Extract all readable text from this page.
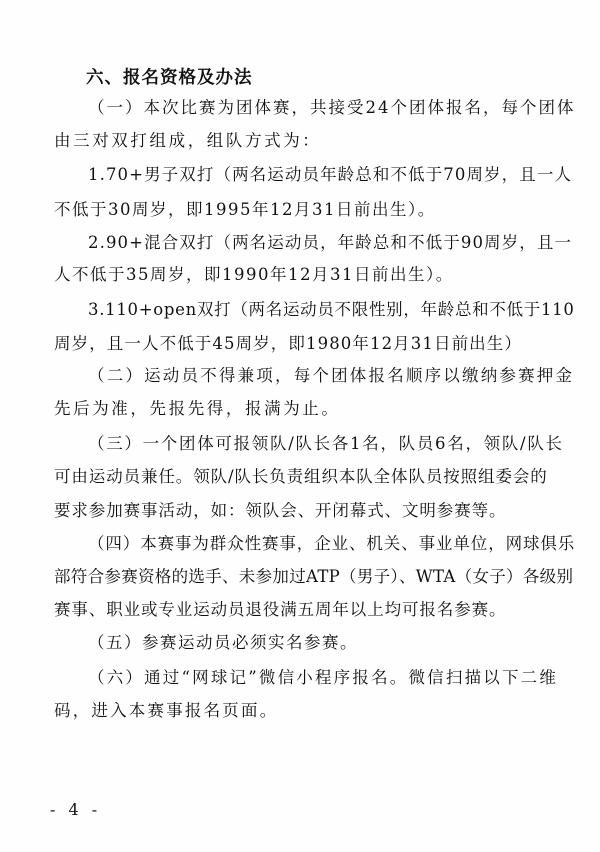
六、报名资格及办法
（一）本次比赛为团体赛，共接受24个团体报名，每个团体
由三对双打组成，组队方式为：
1.70+男子双打（两名运动员年龄总和不低于70周岁，且一人
不低于30周岁，即1995年12月31日前出生）。
2.90+混合双打（两名运动员，年龄总和不低于90周岁，且一
人不低于35周岁，即1990年12月31日前出生）。
3.110+open双打（两名运动员不限性别，年龄总和不低于110
周岁，且一人不低于45周岁，即1980年12月31日前出生）
（二）运动员不得兼项，每个团体报名顺序以缴纳参赛押金
先后为准，先报先得，报满为止。
（三）一个团体可报领队/队长各1名，队员6名，领队/队长
可由运动员兼任。领队/队长负责组织本队全体队员按照组委会的
要求参加赛事活动，如：领队会、开闭幕式、文明参赛等。
（四）本赛事为群众性赛事，企业、机关、事业单位，网球俱乐
部符合参赛资格的选手、未参加过ATP（男子）、WTA（女子）各级别
赛事、职业或专业运动员退役满五周年以上均可报名参赛。
（五）参赛运动员必须实名参赛。
（六）通过“网球记”微信小程序报名。微信扫描以下二维
码，进入本赛事报名页面。
- 4 -
